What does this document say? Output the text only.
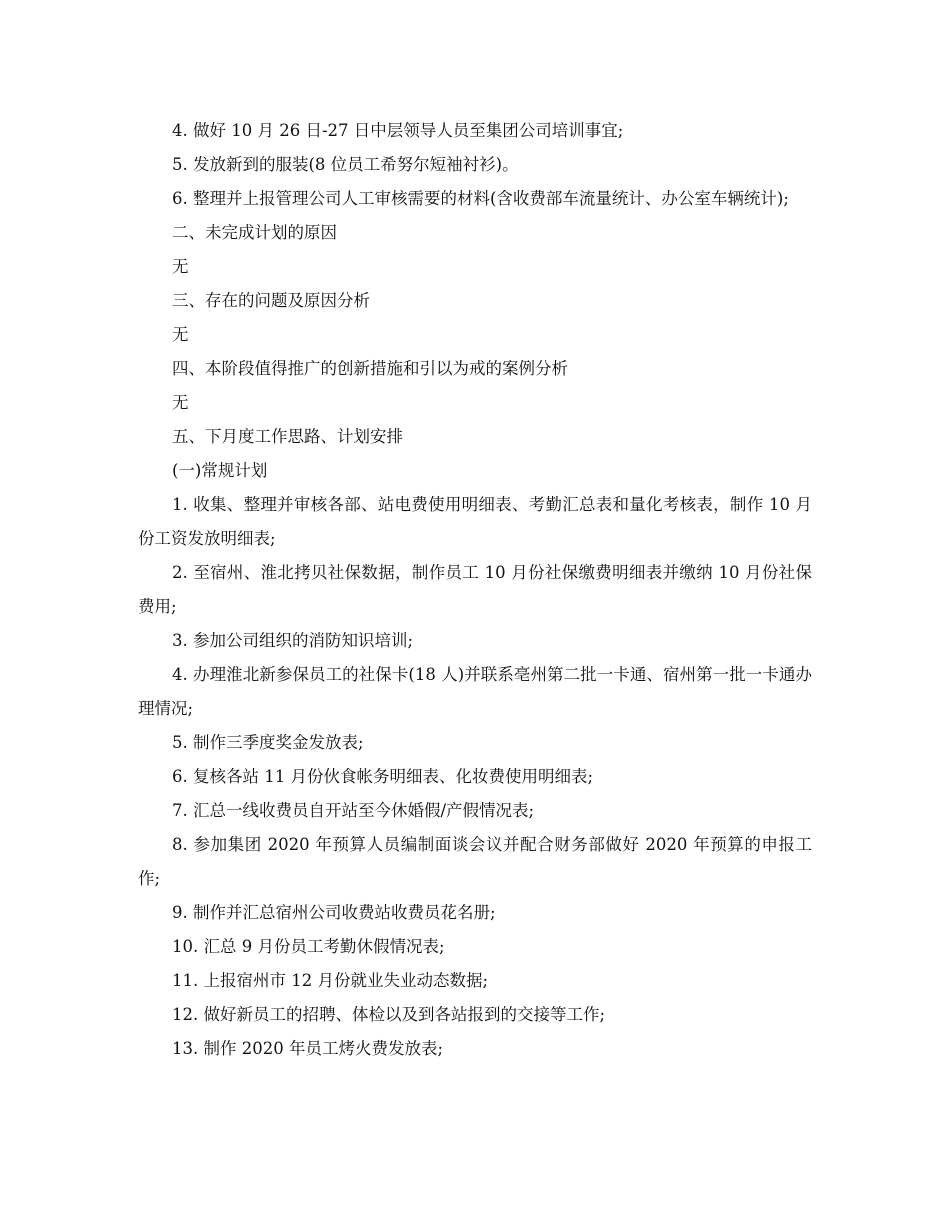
4. 做好 10 月 26 日-27 日中层领导人员至集团公司培训事宜;

5. 发放新到的服装(8 位员工希努尔短袖衬衫)。

6. 整理并上报管理公司人工审核需要的材料(含收费部车流量统计、办公室车辆统计);

二、未完成计划的原因

无

三、存在的问题及原因分析

无

四、本阶段值得推广的创新措施和引以为戒的案例分析

无

五、下月度工作思路、计划安排

(一)常规计划

1. 收集、整理并审核各部、站电费使用明细表、考勤汇总表和量化考核表，制作 10 月份工资发放明细表;

2. 至宿州、淮北拷贝社保数据，制作员工 10 月份社保缴费明细表并缴纳 10 月份社保费用;

3. 参加公司组织的消防知识培训;

4. 办理淮北新参保员工的社保卡(18 人)并联系亳州第二批一卡通、宿州第一批一卡通办理情况;

5. 制作三季度奖金发放表;

6. 复核各站 11 月份伙食帐务明细表、化妆费使用明细表;

7. 汇总一线收费员自开站至今休婚假/产假情况表;

8. 参加集团 2020 年预算人员编制面谈会议并配合财务部做好 2020 年预算的申报工作;

9. 制作并汇总宿州公司收费站收费员花名册;

10. 汇总 9 月份员工考勤休假情况表;

11. 上报宿州市 12 月份就业失业动态数据;

12. 做好新员工的招聘、体检以及到各站报到的交接等工作;

13. 制作 2020 年员工烤火费发放表;
